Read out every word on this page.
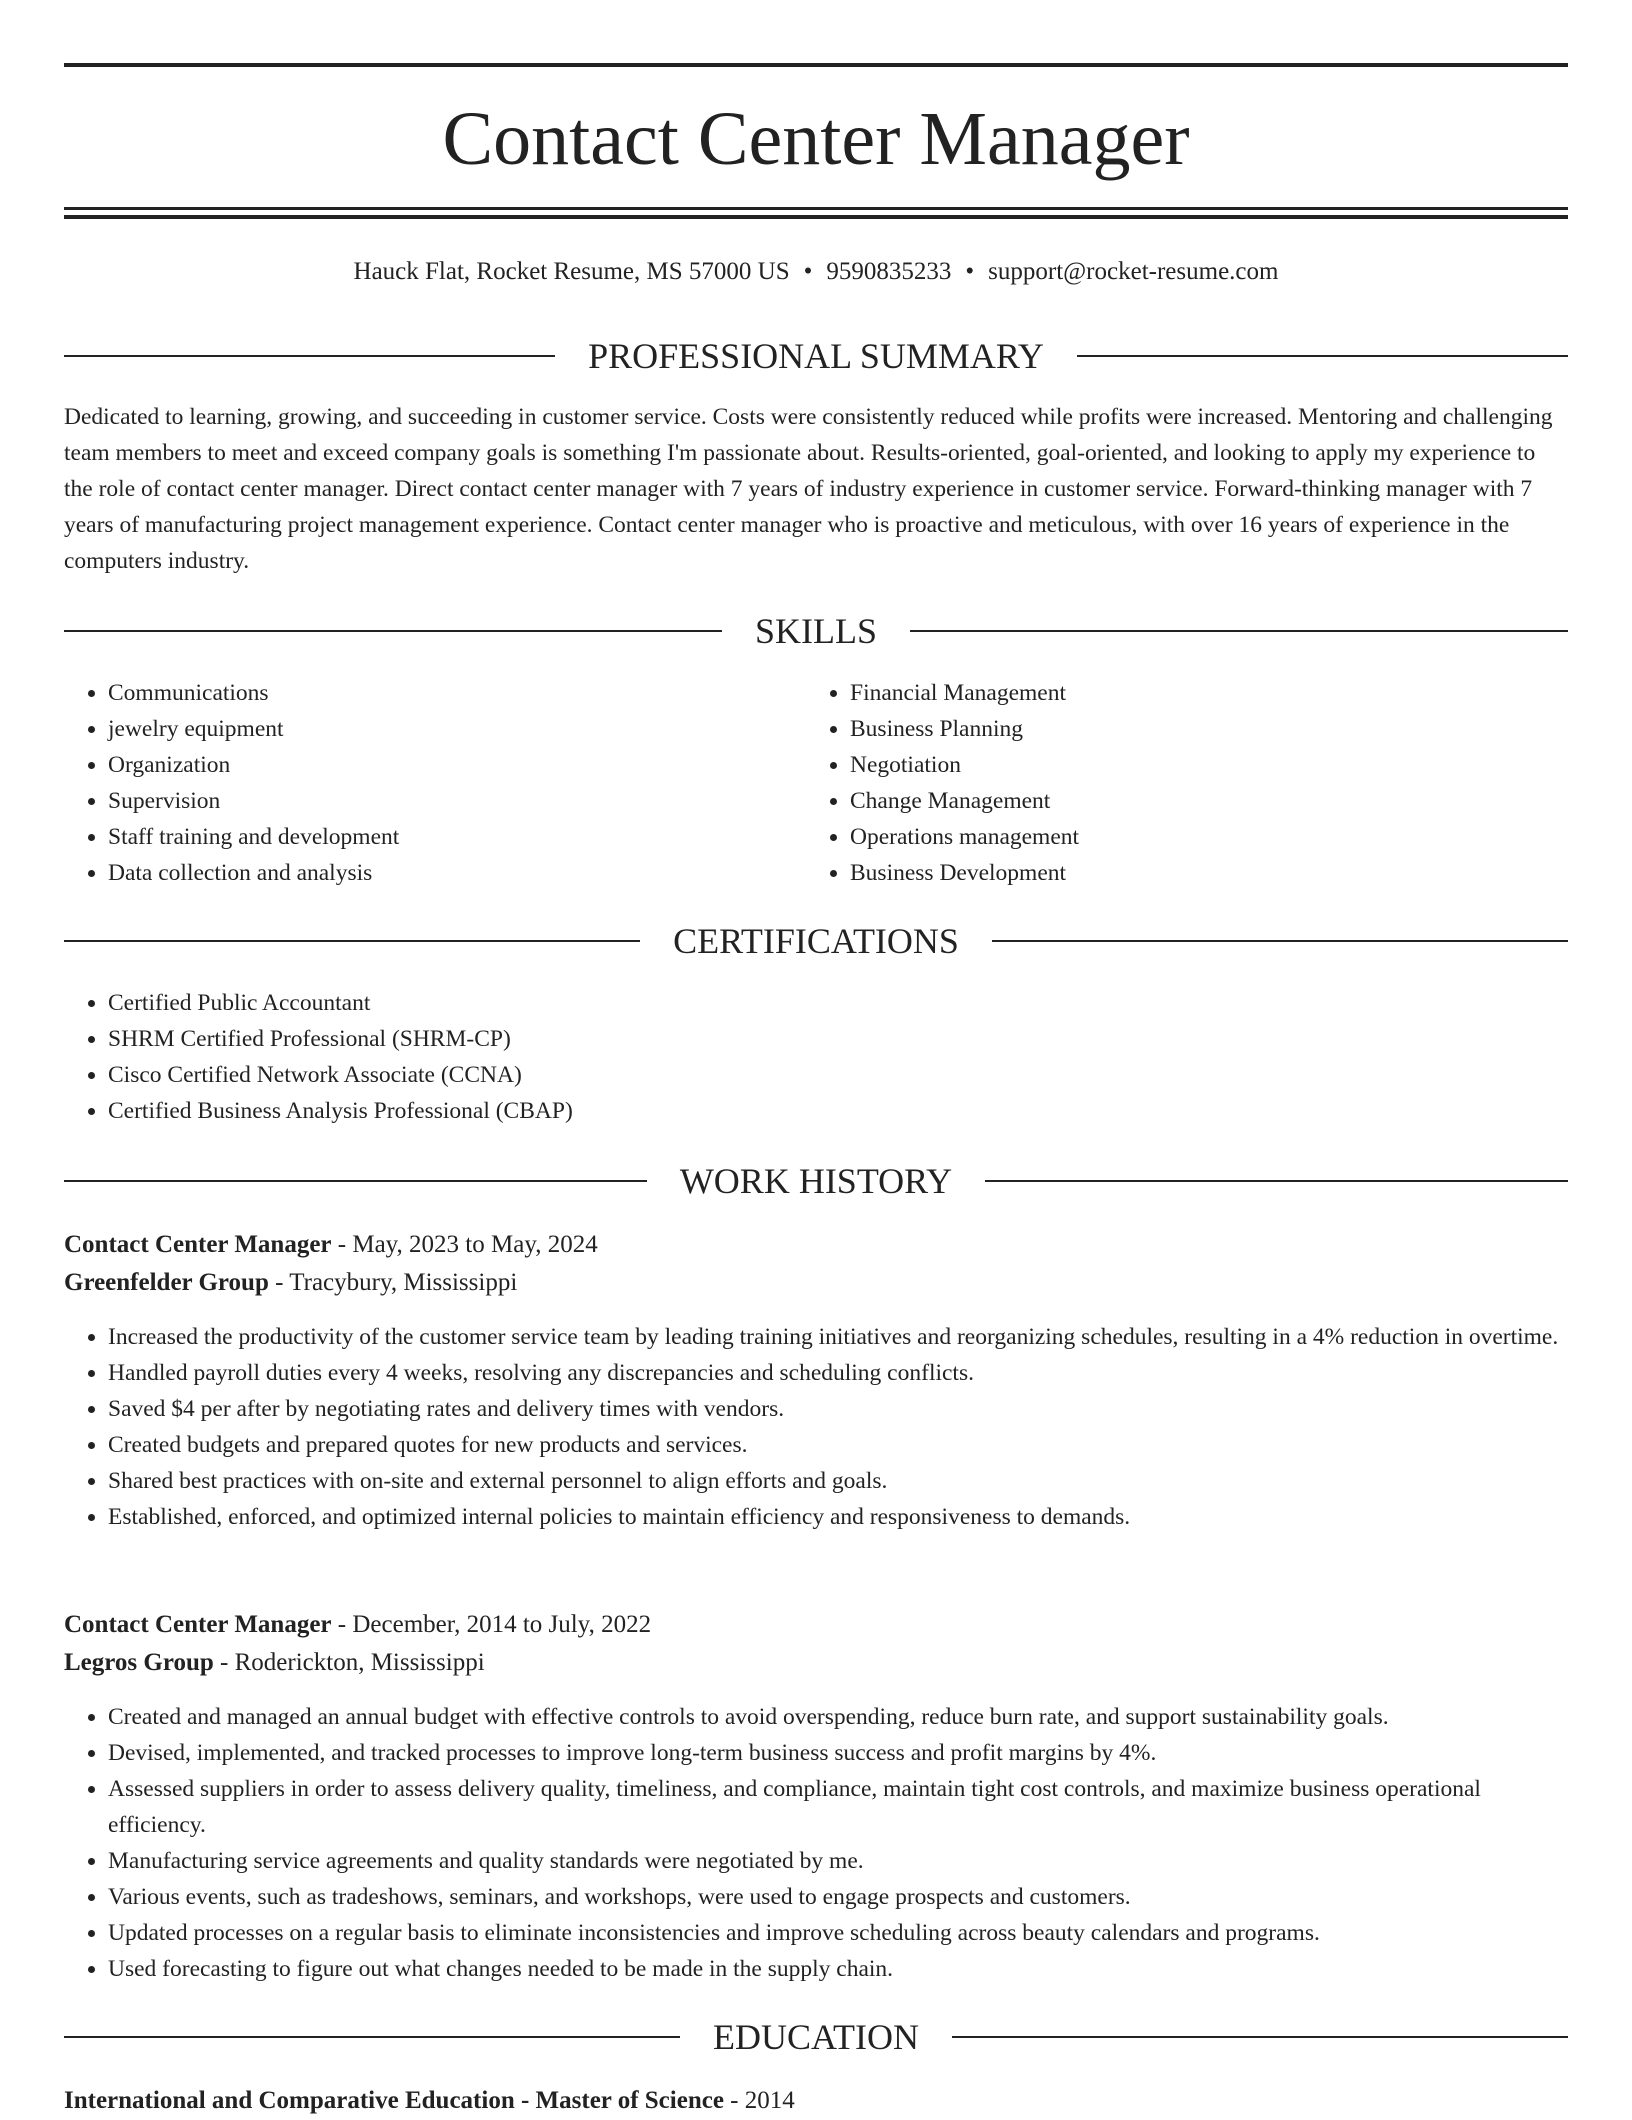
Contact Center Manager
Hauck Flat, Rocket Resume, MS 57000 US • 9590835233 • support@rocket-resume.com
PROFESSIONAL SUMMARY

Dedicated to learning, growing, and succeeding in customer service. Costs were consistently reduced while profits were increased. Mentoring and challenging team members to meet and exceed company goals is something I'm passionate about. Results-oriented, goal-oriented, and looking to apply my experience to the role of contact center manager. Direct contact center manager with 7 years of industry experience in customer service. Forward-thinking manager with 7 years of manufacturing project management experience. Contact center manager who is proactive and meticulous, with over 16 years of experience in the computers industry.

SKILLS
• Communications
• jewelry equipment
• Organization
• Supervision
• Staff training and development
• Data collection and analysis
• Financial Management
• Business Planning
• Negotiation
• Change Management
• Operations management
• Business Development
CERTIFICATIONS
• Certified Public Accountant
• SHRM Certified Professional (SHRM-CP)
• Cisco Certified Network Associate (CCNA)
• Certified Business Analysis Professional (CBAP)
WORK HISTORY
Contact Center Manager - May, 2023 to May, 2024
Greenfelder Group - Tracybury, Mississippi
• Increased the productivity of the customer service team by leading training initiatives and reorganizing schedules, resulting in a 4% reduction in overtime.
• Handled payroll duties every 4 weeks, resolving any discrepancies and scheduling conflicts.
• Saved $4 per after by negotiating rates and delivery times with vendors.
• Created budgets and prepared quotes for new products and services.
• Shared best practices with on-site and external personnel to align efforts and goals.
• Established, enforced, and optimized internal policies to maintain efficiency and responsiveness to demands.
Contact Center Manager - December, 2014 to July, 2022
Legros Group - Roderickton, Mississippi
• Created and managed an annual budget with effective controls to avoid overspending, reduce burn rate, and support sustainability goals.
• Devised, implemented, and tracked processes to improve long-term business success and profit margins by 4%.
• Assessed suppliers in order to assess delivery quality, timeliness, and compliance, maintain tight cost controls, and maximize business operational efficiency.
• Manufacturing service agreements and quality standards were negotiated by me.
• Various events, such as tradeshows, seminars, and workshops, were used to engage prospects and customers.
• Updated processes on a regular basis to eliminate inconsistencies and improve scheduling across beauty calendars and programs.
• Used forecasting to figure out what changes needed to be made in the supply chain.
EDUCATION
International and Comparative Education - Master of Science - 2014
